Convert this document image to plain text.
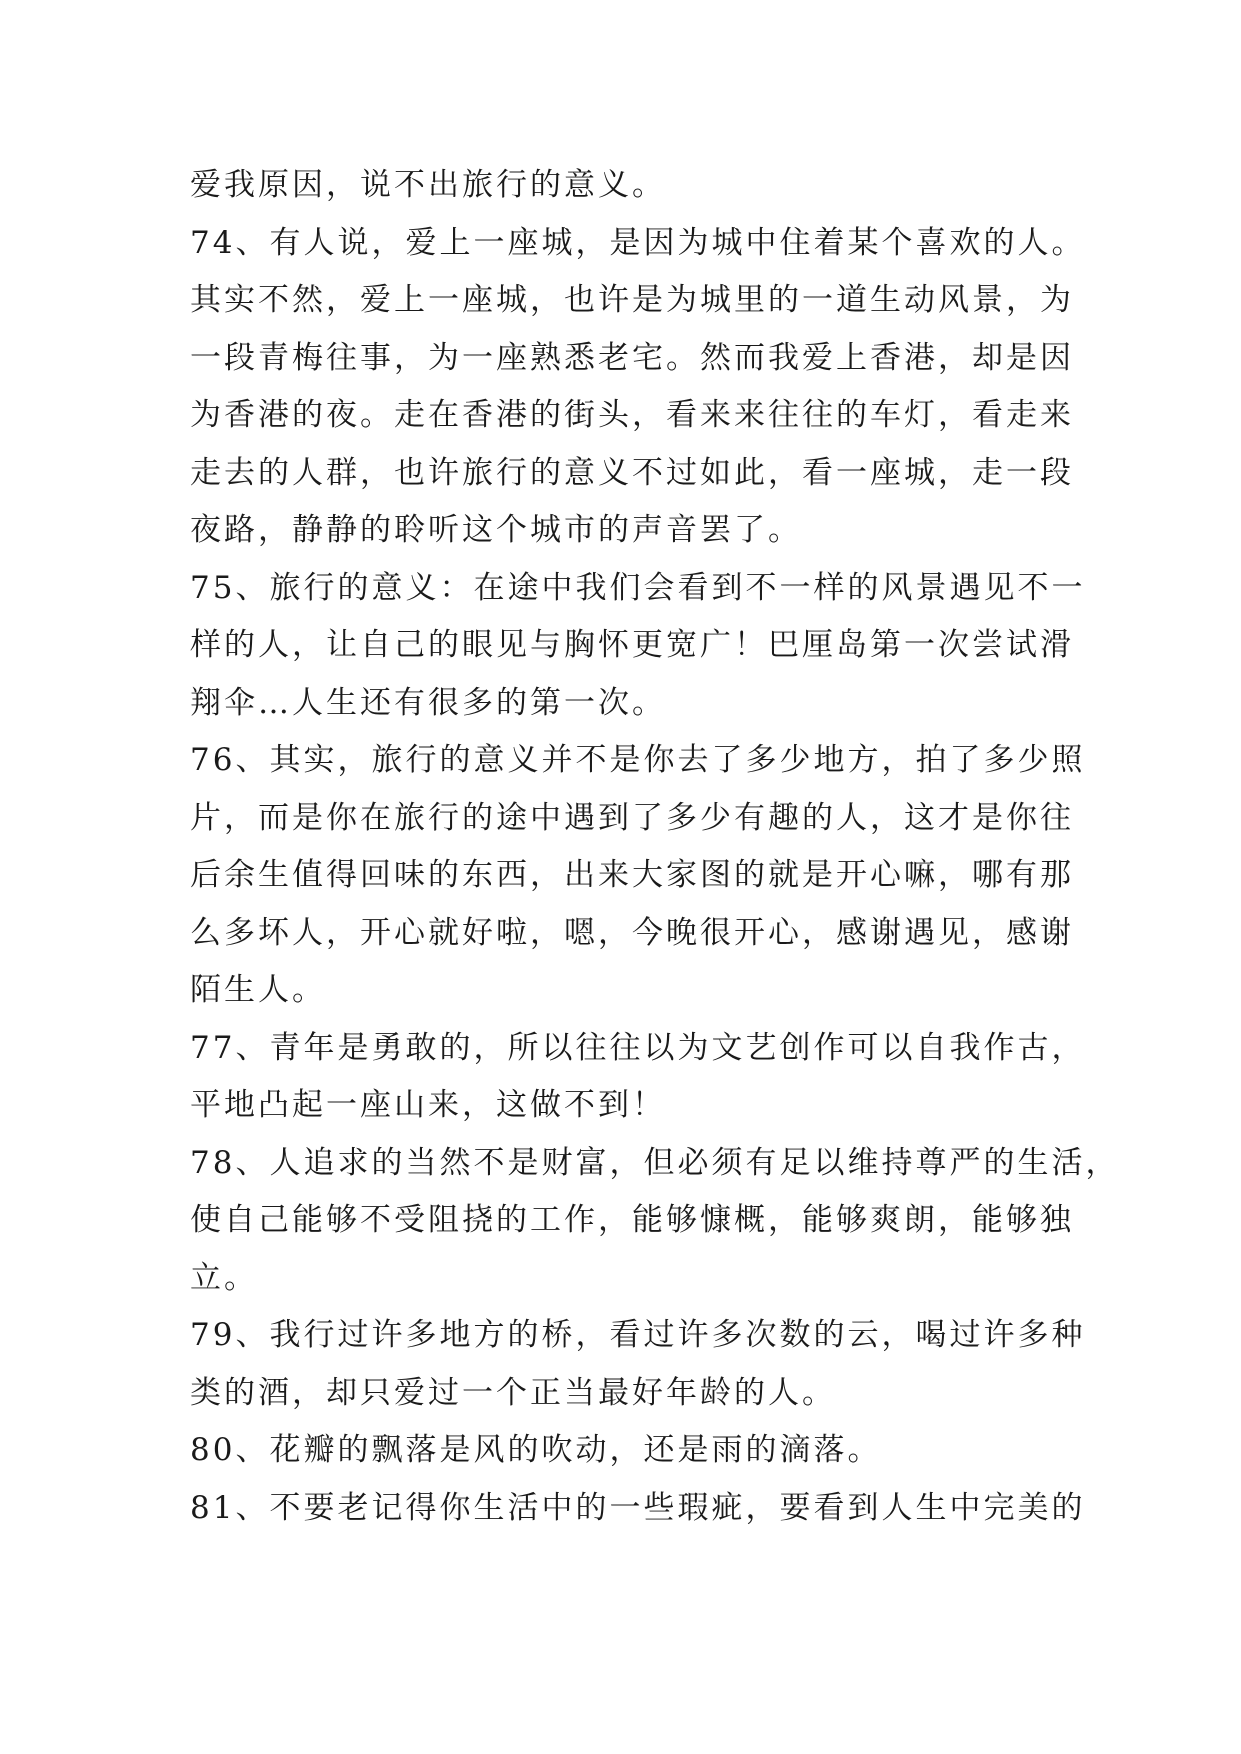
爱我原因，说不出旅行的意义。
74、有人说，爱上一座城，是因为城中住着某个喜欢的人。
其实不然，爱上一座城，也许是为城里的一道生动风景，为
一段青梅往事，为一座熟悉老宅。然而我爱上香港，却是因
为香港的夜。走在香港的街头，看来来往往的车灯，看走来
走去的人群，也许旅行的意义不过如此，看一座城，走一段
夜路，静静的聆听这个城市的声音罢了。
75、旅行的意义：在途中我们会看到不一样的风景遇见不一
样的人，让自己的眼见与胸怀更宽广！巴厘岛第一次尝试滑
翔伞…人生还有很多的第一次。
76、其实，旅行的意义并不是你去了多少地方，拍了多少照
片，而是你在旅行的途中遇到了多少有趣的人，这才是你往
后余生值得回味的东西，出来大家图的就是开心嘛，哪有那
么多坏人，开心就好啦，嗯，今晚很开心，感谢遇见，感谢
陌生人。
77、青年是勇敢的，所以往往以为文艺创作可以自我作古，
平地凸起一座山来，这做不到！
78、人追求的当然不是财富，但必须有足以维持尊严的生活，
使自己能够不受阻挠的工作，能够慷概，能够爽朗，能够独
立。
79、我行过许多地方的桥，看过许多次数的云，喝过许多种
类的酒，却只爱过一个正当最好年龄的人。
80、花瓣的飘落是风的吹动，还是雨的滴落。
81、不要老记得你生活中的一些瑕疵，要看到人生中完美的
